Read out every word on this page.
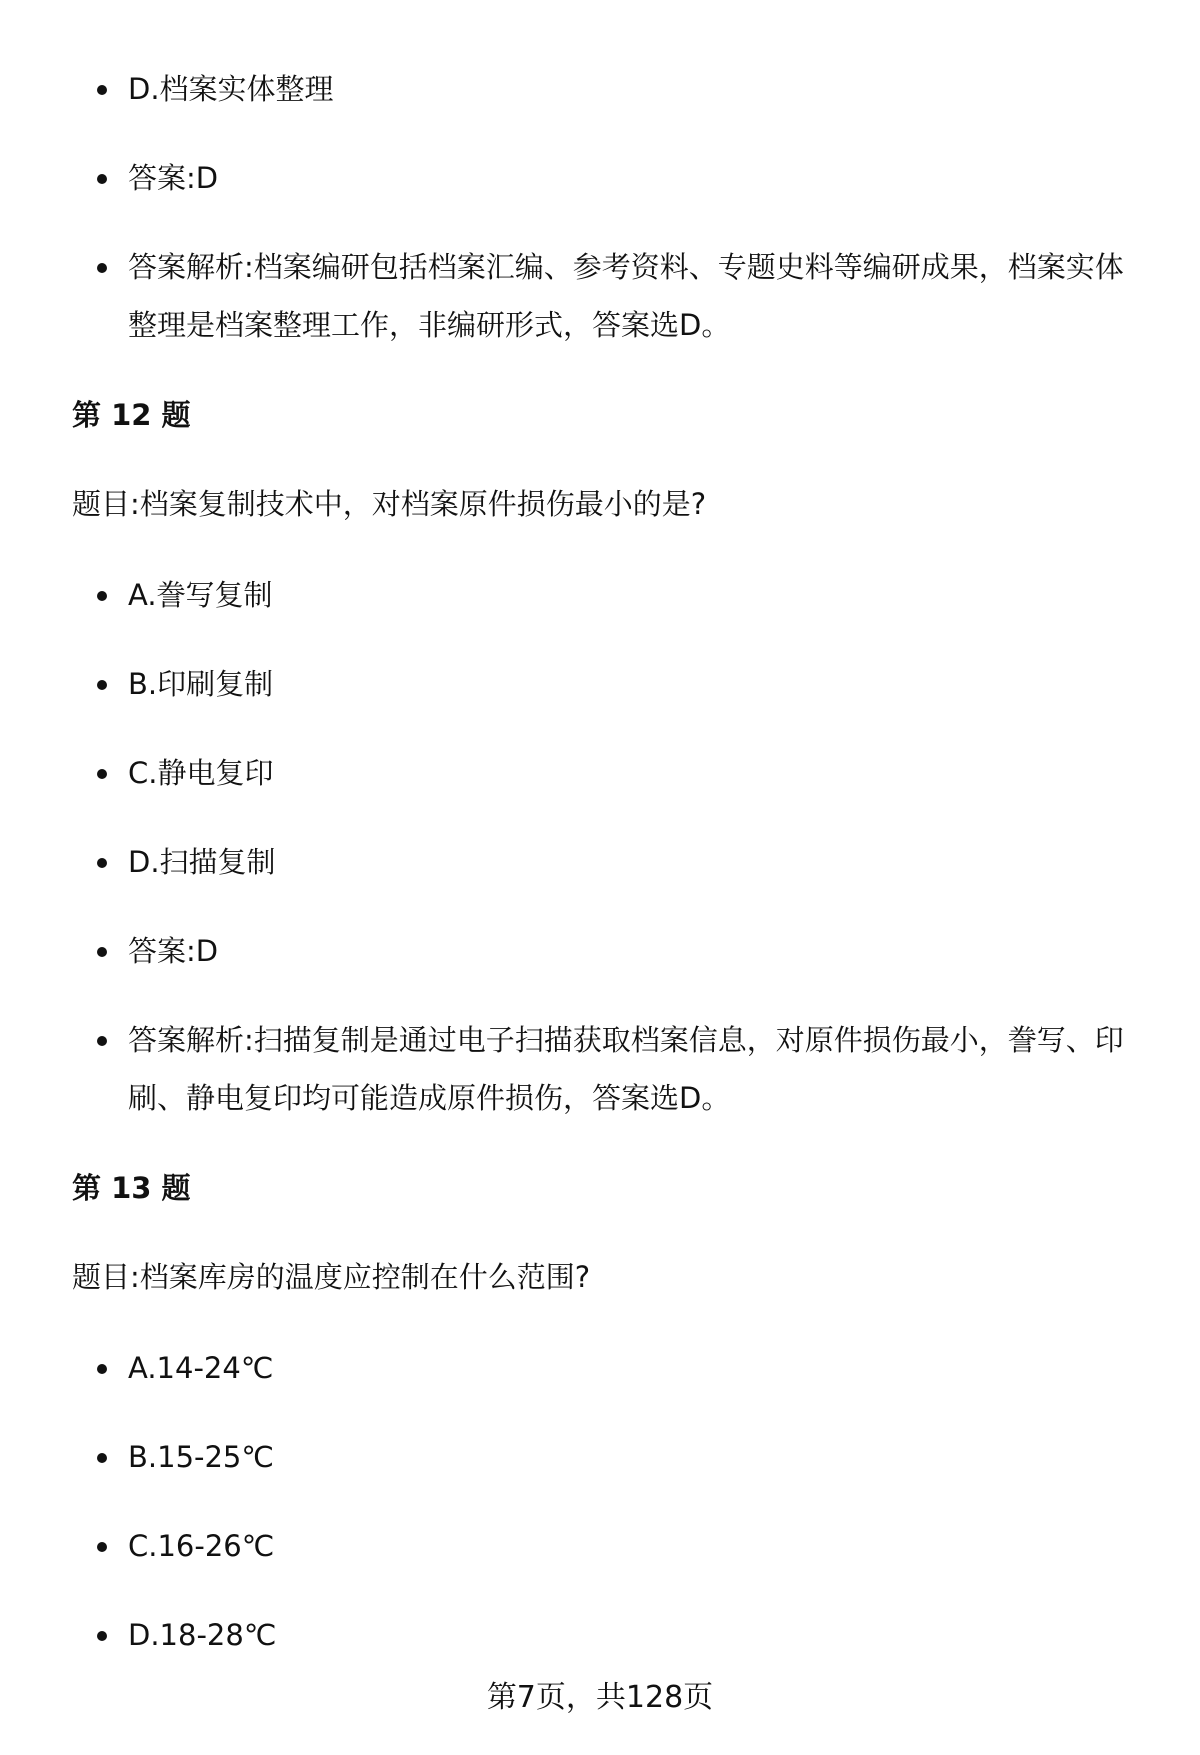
D.档案实体整理
答案:D
答案解析:档案编研包括档案汇编、参考资料、专题史料等编研成果，档案实体整理是档案整理工作，非编研形式，答案选D。
第 12 题
题目:档案复制技术中，对档案原件损伤最小的是?
A.誊写复制
B.印刷复制
C.静电复印
D.扫描复制
答案:D
答案解析:扫描复制是通过电子扫描获取档案信息，对原件损伤最小，誊写、印刷、静电复印均可能造成原件损伤，答案选D。
第 13 题
题目:档案库房的温度应控制在什么范围?
A.14-24℃
B.15-25℃
C.16-26℃
D.18-28℃
第7页，共128页
